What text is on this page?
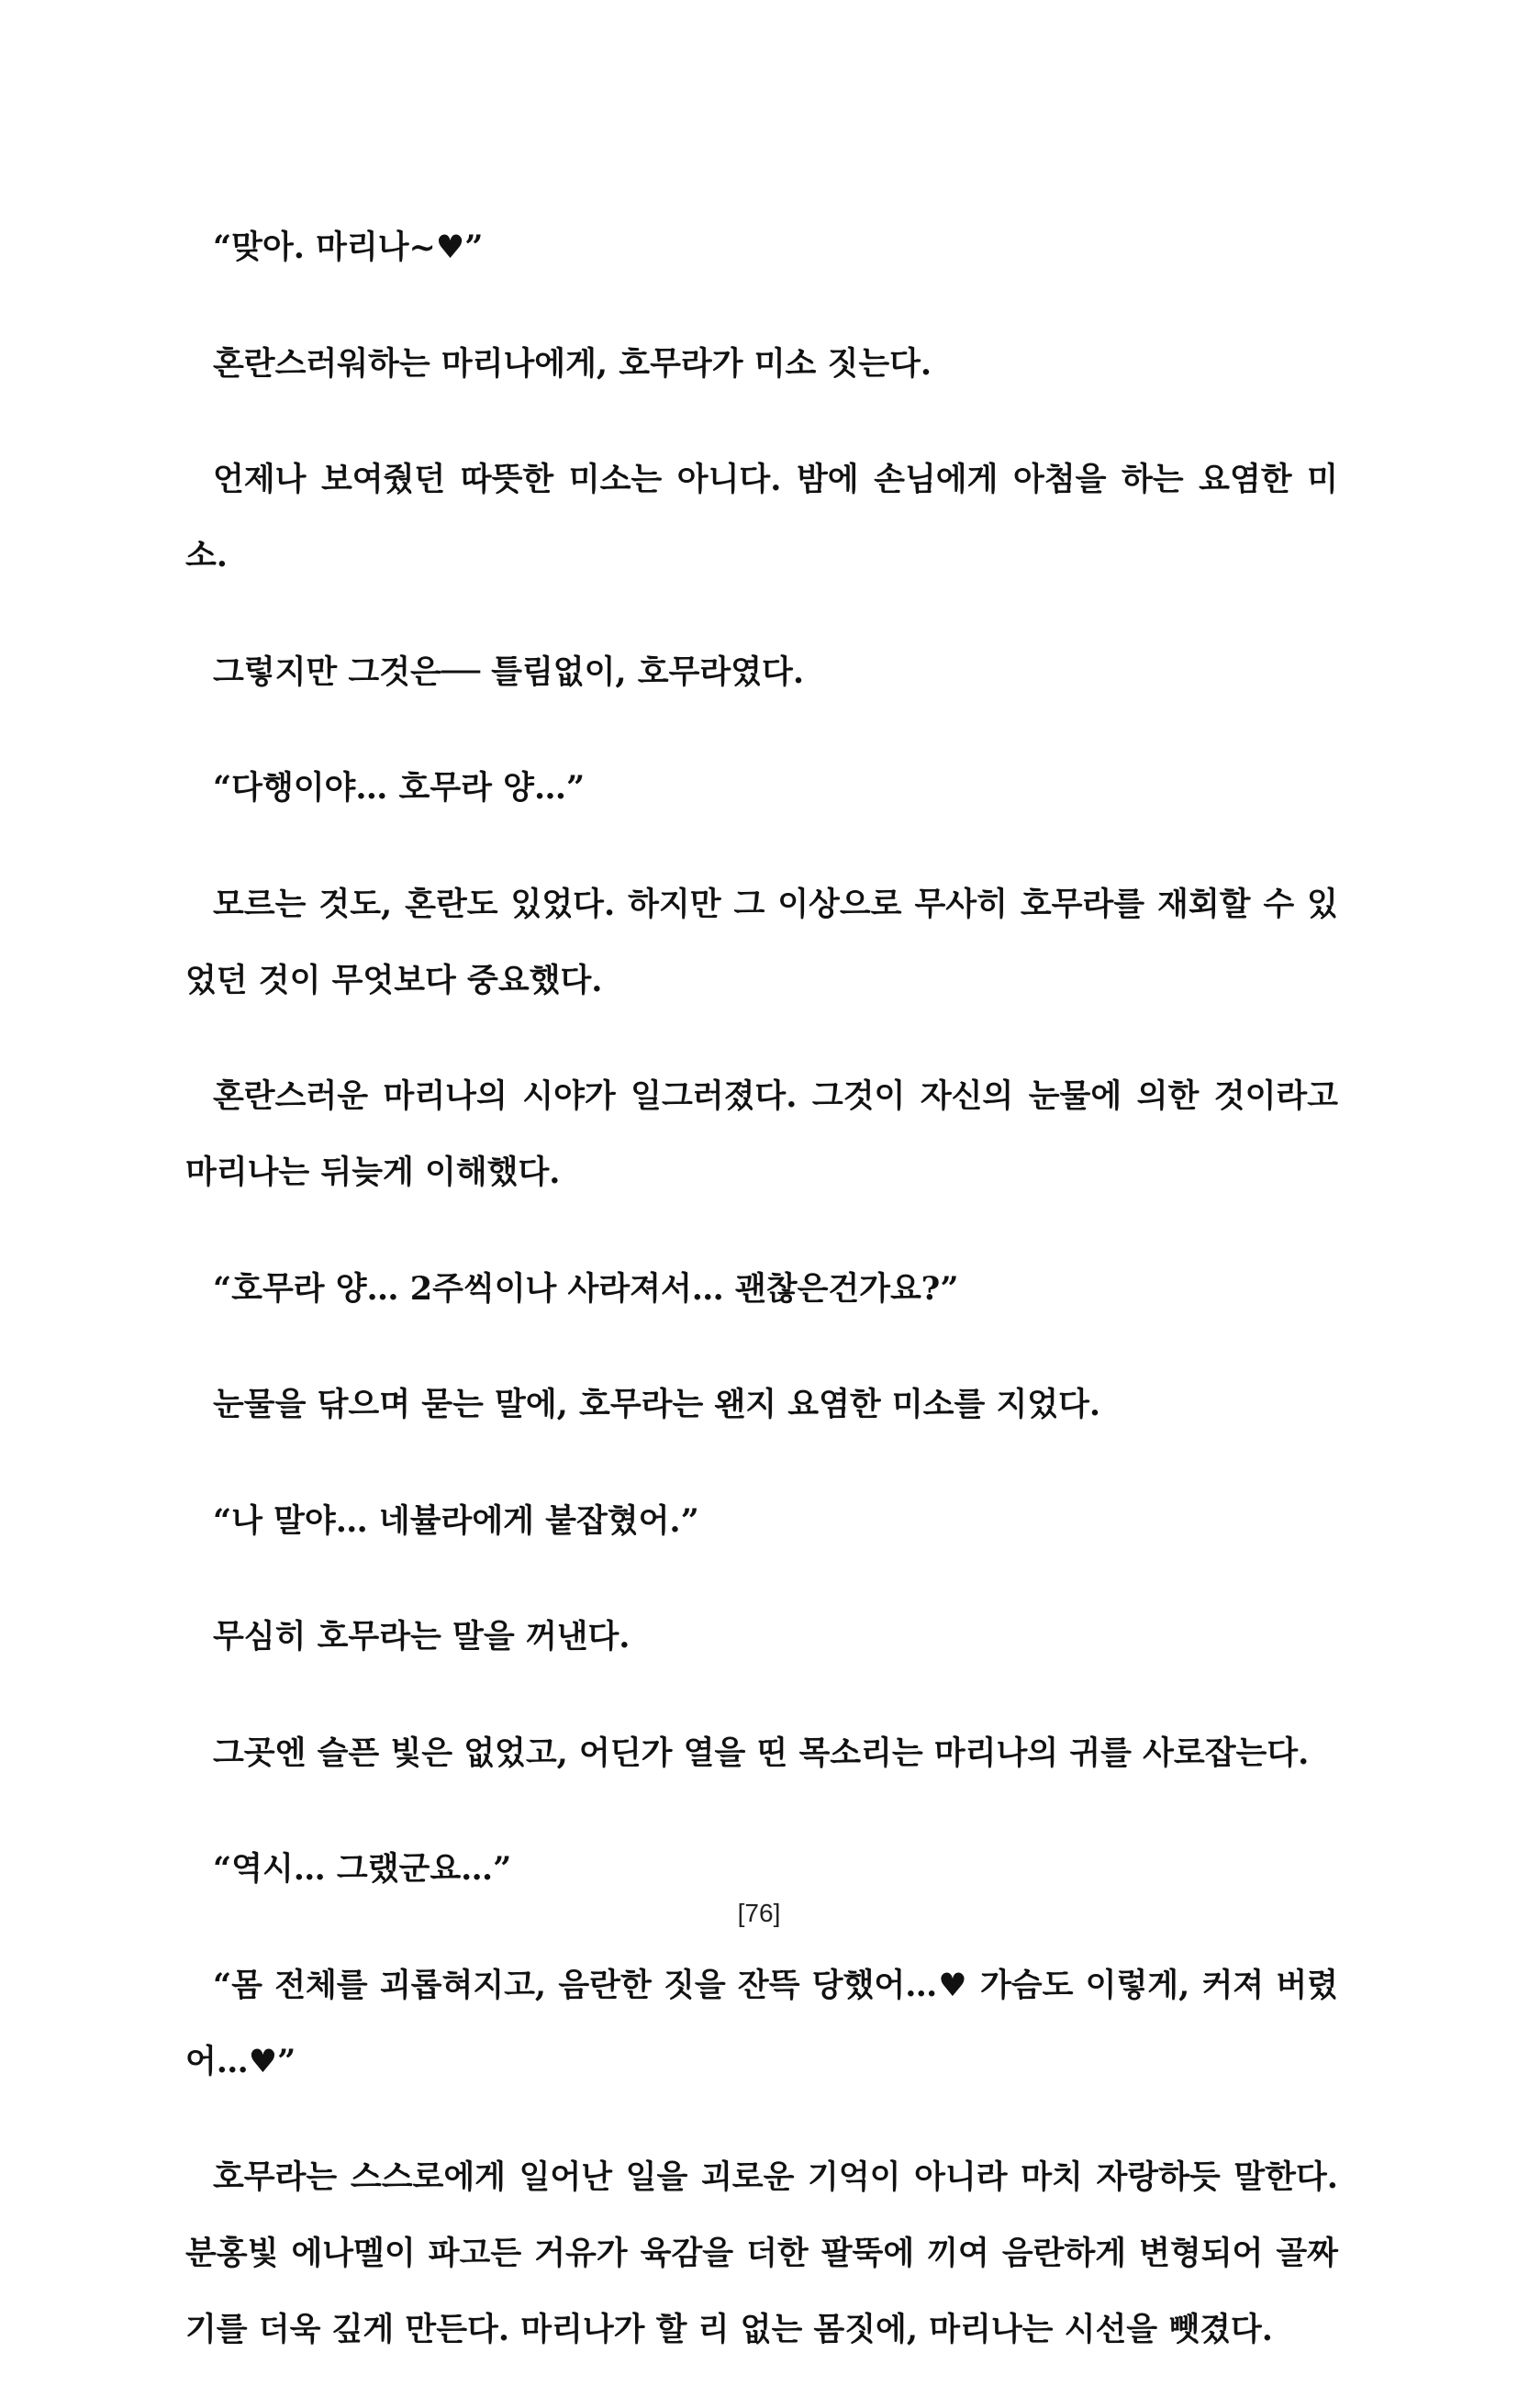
“맞아. 마리나~♥”

혼란스러워하는 마리나에게, 호무라가 미소 짓는다.

언제나 보여줬던 따뜻한 미소는 아니다. 밤에 손님에게 아첨을 하는 요염한 미소.

그렇지만 그것은── 틀림없이, 호무라였다.

“다행이야… 호무라 양…”

모르는 것도, 혼란도 있었다. 하지만 그 이상으로 무사히 호무라를 재회할 수 있었던 것이 무엇보다 중요했다.

혼란스러운 마리나의 시야가 일그러졌다. 그것이 자신의 눈물에 의한 것이라고 마리나는 뒤늦게 이해했다.

“호무라 양… 2주씩이나 사라져서… 괜찮은건가요?”

눈물을 닦으며 묻는 말에, 호무라는 왠지 요염한 미소를 지었다.

“나 말야… 네뷸라에게 붙잡혔어.”

무심히 호무라는 말을 꺼낸다.

그곳엔 슬픈 빛은 없었고, 어딘가 열을 띤 목소리는 마리나의 귀를 사로잡는다.

“역시… 그랬군요…”

“몸 전체를 괴롭혀지고, 음란한 짓을 잔뜩 당했어…♥ 가슴도 이렇게, 커져 버렸어…♥”

호무라는 스스로에게 일어난 일을 괴로운 기억이 아니라 마치 자랑하듯 말한다. 분홍빛 에나멜이 파고든 거유가 육감을 더한 팔뚝에 끼여 음란하게 변형되어 골짜기를 더욱 깊게 만든다. 마리나가 할 리 없는 몸짓에, 마리나는 시선을 뺏겼다.

[76]
